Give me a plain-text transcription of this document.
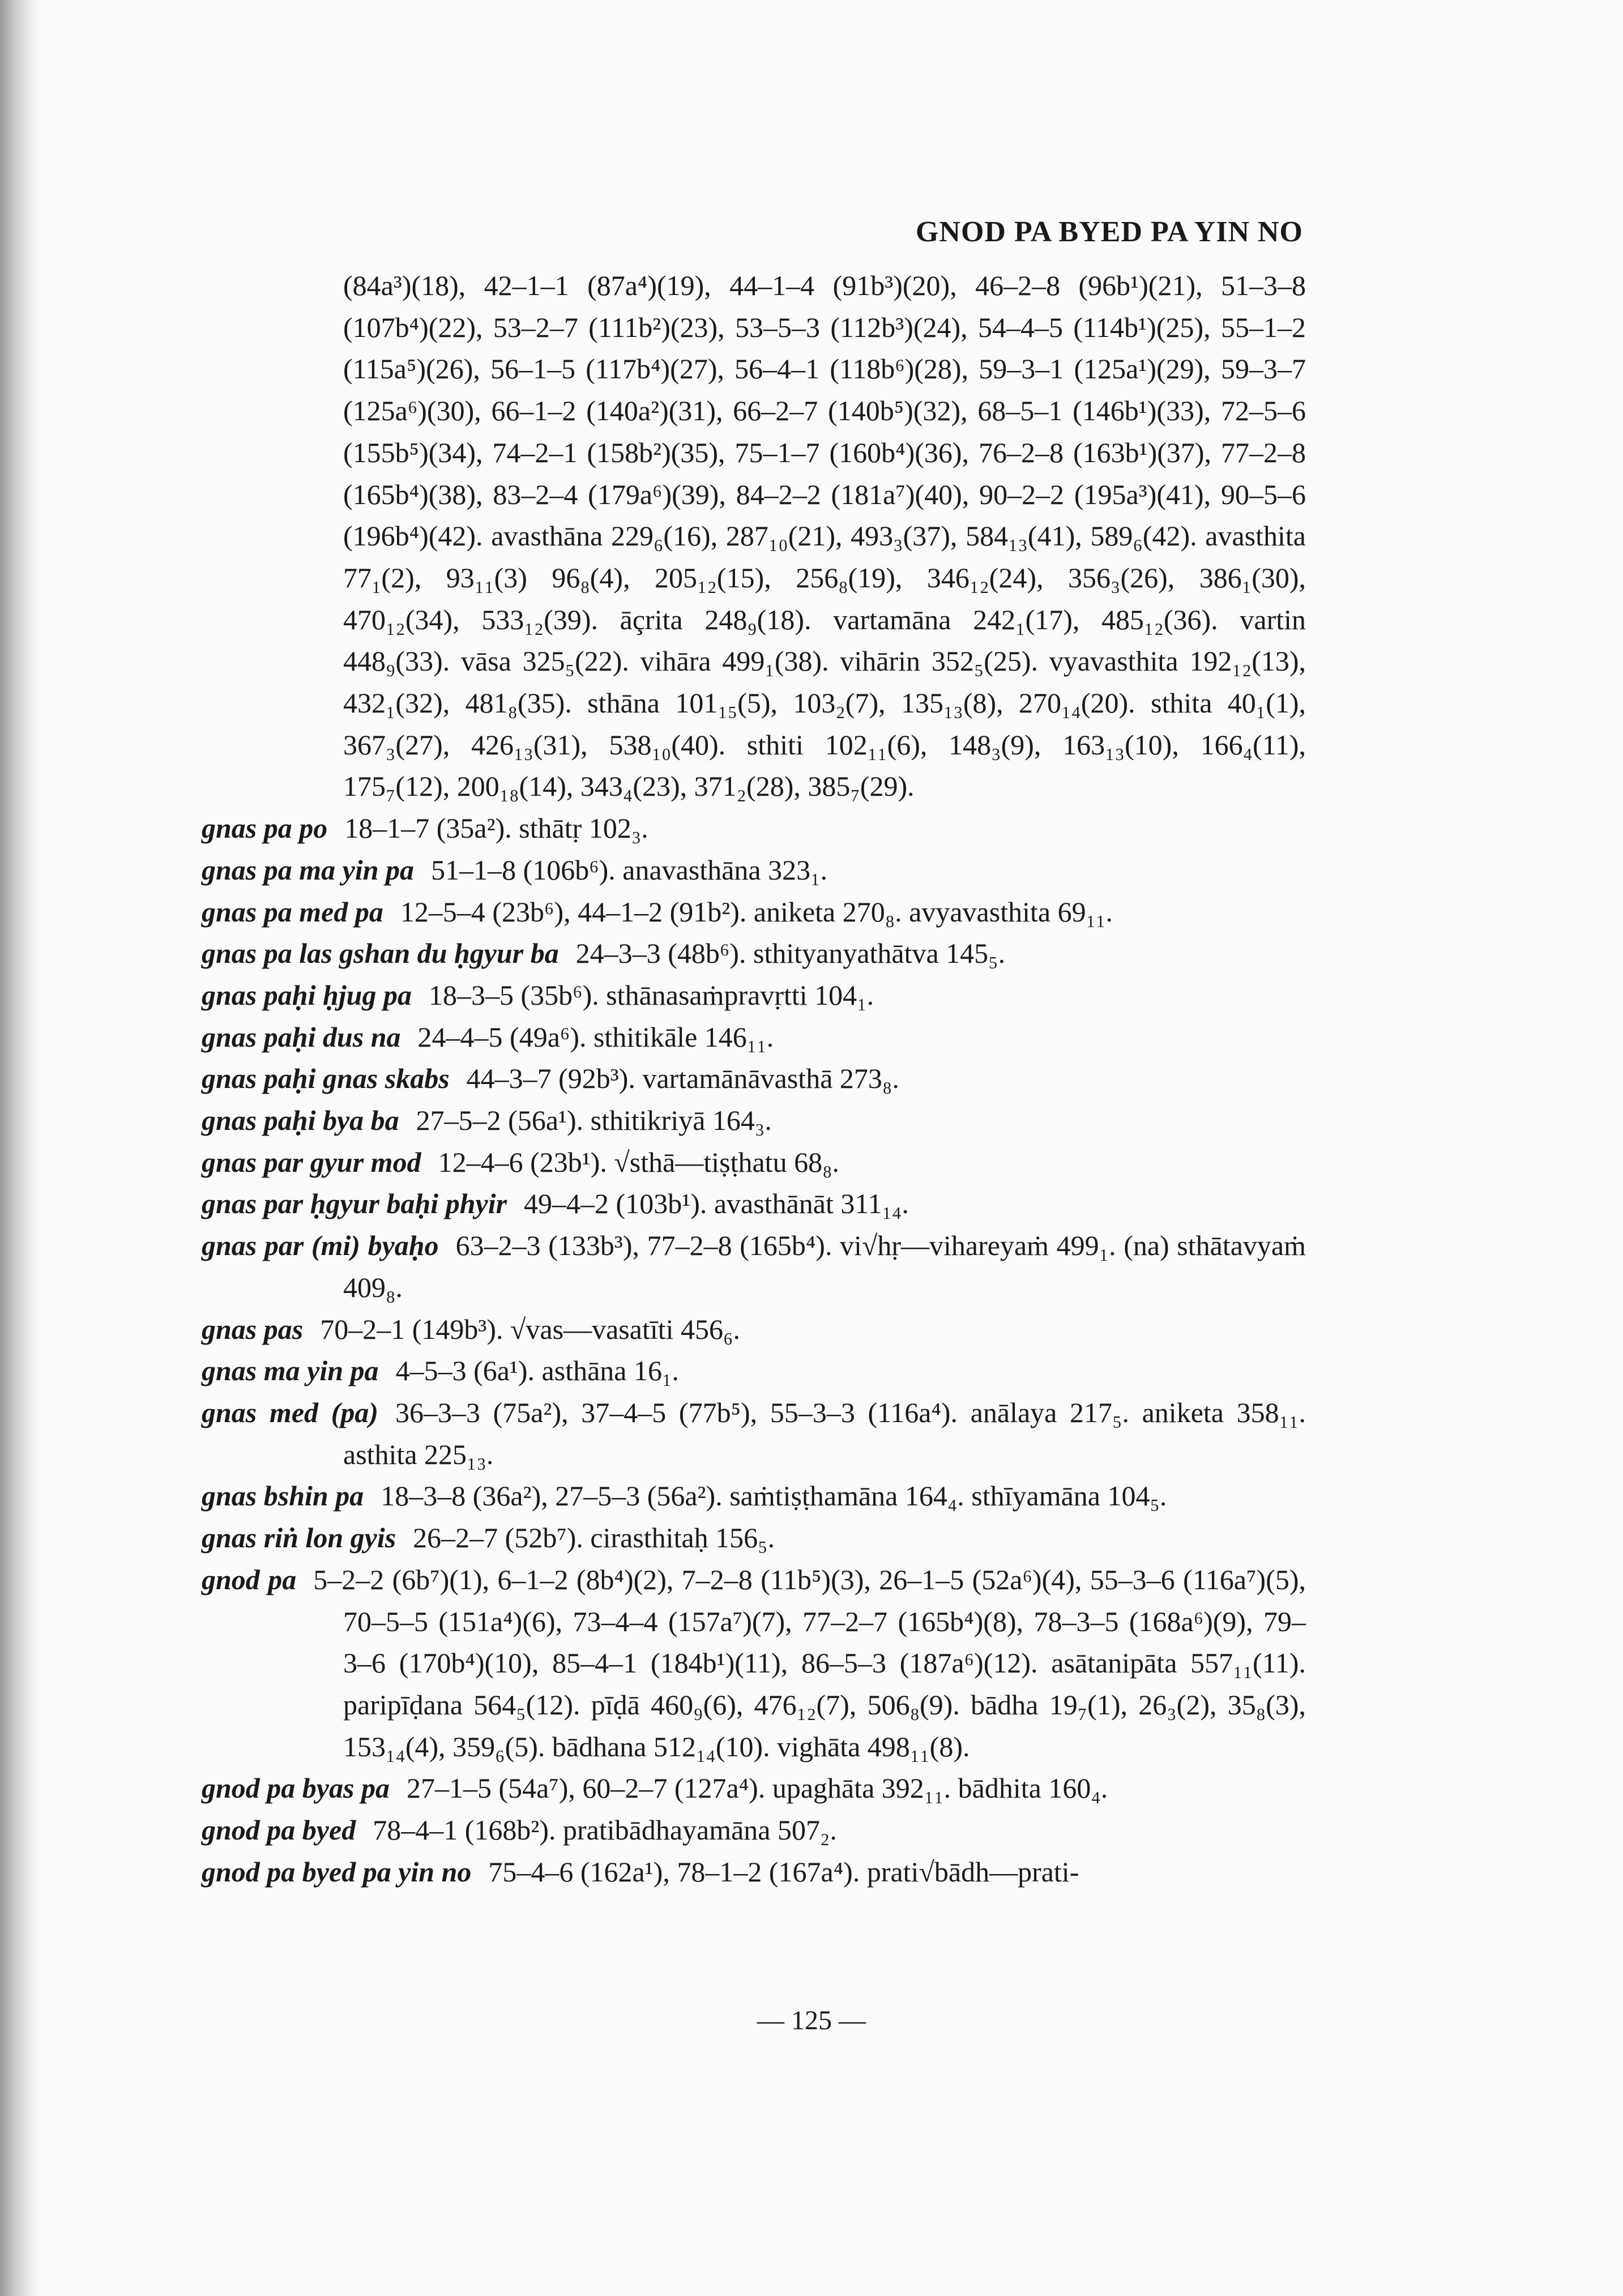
GNOD PA BYED PA YIN NO
(84a³)(18), 42–1–1 (87a⁴)(19), 44–1–4 (91b³)(20), 46–2–8 (96b¹)(21), 51–3–8 (107b⁴)(22), 53–2–7 (111b²)(23), 53–5–3 (112b³)(24), 54–4–5 (114b¹)(25), 55–1–2 (115a⁵)(26), 56–1–5 (117b⁴)(27), 56–4–1 (118b⁶)(28), 59–3–1 (125a¹)(29), 59–3–7 (125a⁶)(30), 66–1–2 (140a²)(31), 66–2–7 (140b⁵)(32), 68–5–1 (146b¹)(33), 72–5–6 (155b⁵)(34), 74–2–1 (158b²)(35), 75–1–7 (160b⁴)(36), 76–2–8 (163b¹)(37), 77–2–8 (165b⁴)(38), 83–2–4 (179a⁶)(39), 84–2–2 (181a⁷)(40), 90–2–2 (195a³)(41), 90–5–6 (196b⁴)(42). avasthāna 229₆(16), 287₁₀(21), 493₃(37), 584₁₃(41), 589₆(42). avasthita 77₁(2), 93₁₁(3) 96₈(4), 205₁₂(15), 256₈(19), 346₁₂(24), 356₃(26), 386₁(30), 470₁₂(34), 533₁₂(39). āçrita 248₉(18). vartamāna 242₁(17), 485₁₂(36). vartin 448₉(33). vāsa 325₅(22). vihāra 499₁(38). vihārin 352₅(25). vyavasthita 192₁₂(13), 432₁(32), 481₈(35). sthāna 101₁₅(5), 103₂(7), 135₁₃(8), 270₁₄(20). sthita 40₁(1), 367₃(27), 426₁₃(31), 538₁₀(40). sthiti 102₁₁(6), 148₃(9), 163₁₃(10), 166₄(11), 175₇(12), 200₁₈(14), 343₄(23), 371₂(28), 385₇(29).
gnas pa po 18–1–7 (35a²). sthātṛ 102₃.
gnas pa ma yin pa 51–1–8 (106b⁶). anavasthāna 323₁.
gnas pa med pa 12–5–4 (23b⁶), 44–1–2 (91b²). aniketa 270₈. avyavasthita 69₁₁.
gnas pa las gshan du ḥgyur ba 24–3–3 (48b⁶). sthityanyathātva 145₅.
gnas paḥi ḥjug pa 18–3–5 (35b⁶). sthānasaṁpravṛtti 104₁.
gnas paḥi dus na 24–4–5 (49a⁶). sthitikāle 146₁₁.
gnas paḥi gnas skabs 44–3–7 (92b³). vartamānāvasthā 273₈.
gnas paḥi bya ba 27–5–2 (56a¹). sthitikriyā 164₃.
gnas par gyur mod 12–4–6 (23b¹). √sthā—tiṣṭhatu 68₈.
gnas par ḥgyur baḥi phyir 49–4–2 (103b¹). avasthānāt 311₁₄.
gnas par (mi) byaḥo 63–2–3 (133b³), 77–2–8 (165b⁴). vi√hṛ—vihareyaṁ 499₁. (na) sthātavyaṁ 409₈.
gnas pas 70–2–1 (149b³). √vas—vasatīti 456₆.
gnas ma yin pa 4–5–3 (6a¹). asthāna 16₁.
gnas med (pa) 36–3–3 (75a²), 37–4–5 (77b⁵), 55–3–3 (116a⁴). anālaya 217₅. aniketa 358₁₁. asthita 225₁₃.
gnas bshin pa 18–3–8 (36a²), 27–5–3 (56a²). saṁtiṣṭhamāna 164₄. sthīyamāna 104₅.
gnas riṅ lon gyis 26–2–7 (52b⁷). cirasthitaḥ 156₅.
gnod pa 5–2–2 (6b⁷)(1), 6–1–2 (8b⁴)(2), 7–2–8 (11b⁵)(3), 26–1–5 (52a⁶)(4), 55–3–6 (116a⁷)(5), 70–5–5 (151a⁴)(6), 73–4–4 (157a⁷)(7), 77–2–7 (165b⁴)(8), 78–3–5 (168a⁶)(9), 79–3–6 (170b⁴)(10), 85–4–1 (184b¹)(11), 86–5–3 (187a⁶)(12). asātanipāta 557₁₁(11). paripīḍana 564₅(12). pīḍā 460₉(6), 476₁₂(7), 506₈(9). bādha 19₇(1), 26₃(2), 35₈(3), 153₁₄(4), 359₆(5). bādhana 512₁₄(10). vighāta 498₁₁(8).
gnod pa byas pa 27–1–5 (54a⁷), 60–2–7 (127a⁴). upaghāta 392₁₁. bādhita 160₄.
gnod pa byed 78–4–1 (168b²). pratibādhayamāna 507₂.
gnod pa byed pa yin no 75–4–6 (162a¹), 78–1–2 (167a⁴). prati√bādh—prati-
— 125 —
